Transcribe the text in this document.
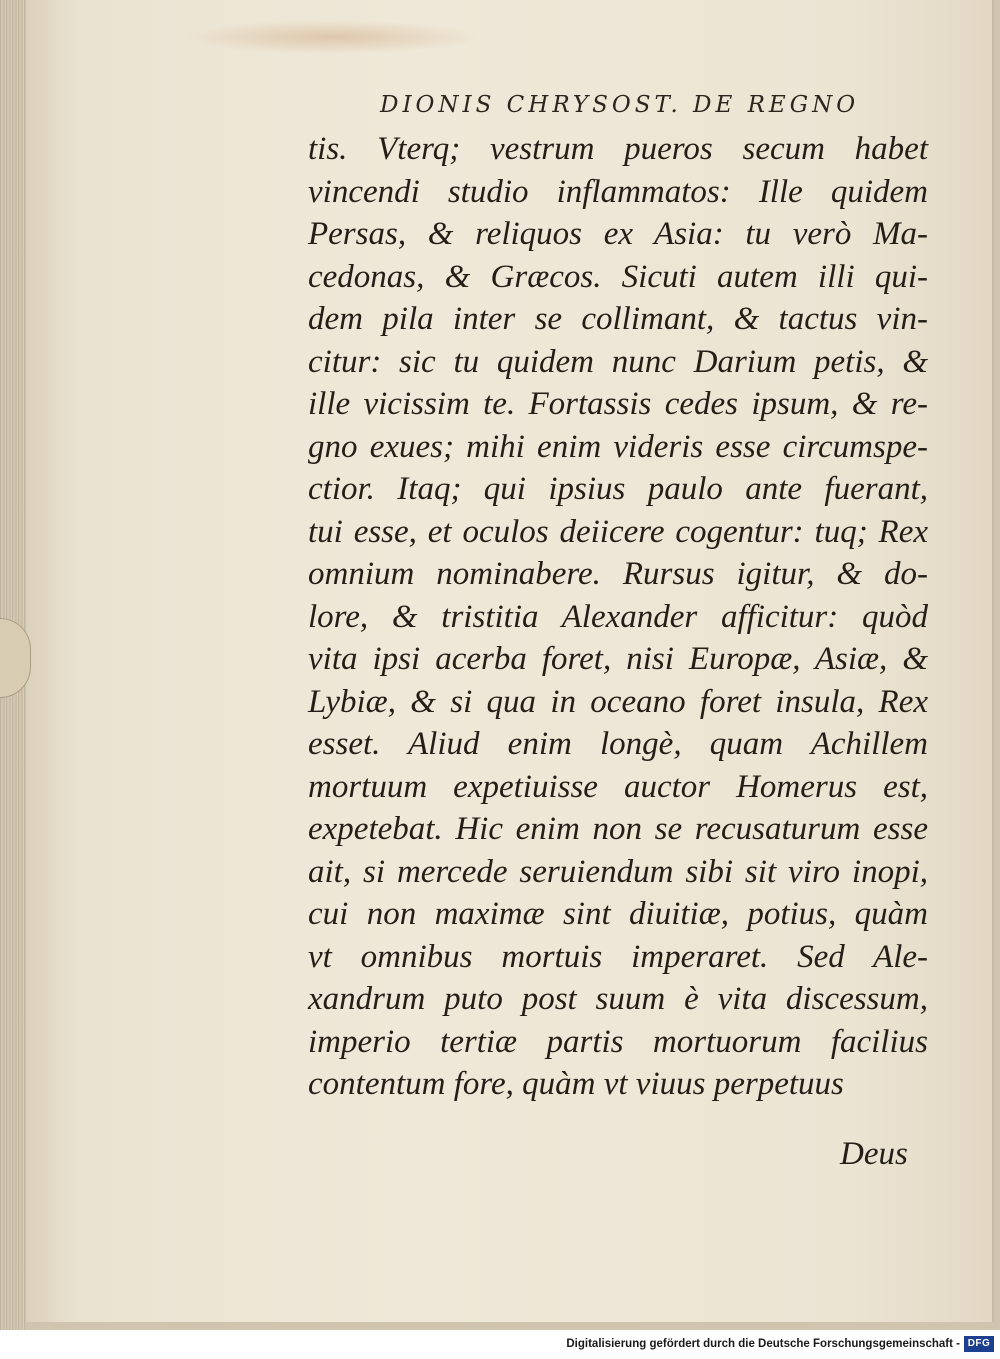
DIONIS CHRYSOST. DE REGNO
tis. Vterq; vestrum pueros secum habet
vincendi studio inflammatos: Ille quidem
Persas, & reliquos ex Asia: tu verò Ma-
cedonas, & Græcos. Sicuti autem illi qui-
dem pila inter se collimant, & tactus vin-
citur: sic tu quidem nunc Darium petis, &
ille vicissim te. Fortassis cedes ipsum, & re-
gno exues; mihi enim videris esse circumspe-
ctior. Itaq; qui ipsius paulo ante fuerant,
tui esse, et oculos deiicere cogentur: tuq; Rex
omnium nominabere. Rursus igitur, & do-
lore, & tristitia Alexander afficitur: quòd
vita ipsi acerba foret, nisi Europæ, Asiæ, &
Lybiæ, & si qua in oceano foret insula, Rex
esset. Aliud enim longè, quam Achillem
mortuum expetiuisse auctor Homerus est,
expetebat. Hic enim non se recusaturum esse
ait, si mercede seruiendum sibi sit viro inopi,
cui non maximæ sint diuitiæ, potius, quàm
vt omnibus mortuis imperaret. Sed Ale-
xandrum puto post suum è vita discessum,
imperio tertiæ partis mortuorum facilius
contentum fore, quàm vt viuus perpetuus
Deus
Digitalisierung gefördert durch die Deutsche Forschungsgemeinschaft - DFG
